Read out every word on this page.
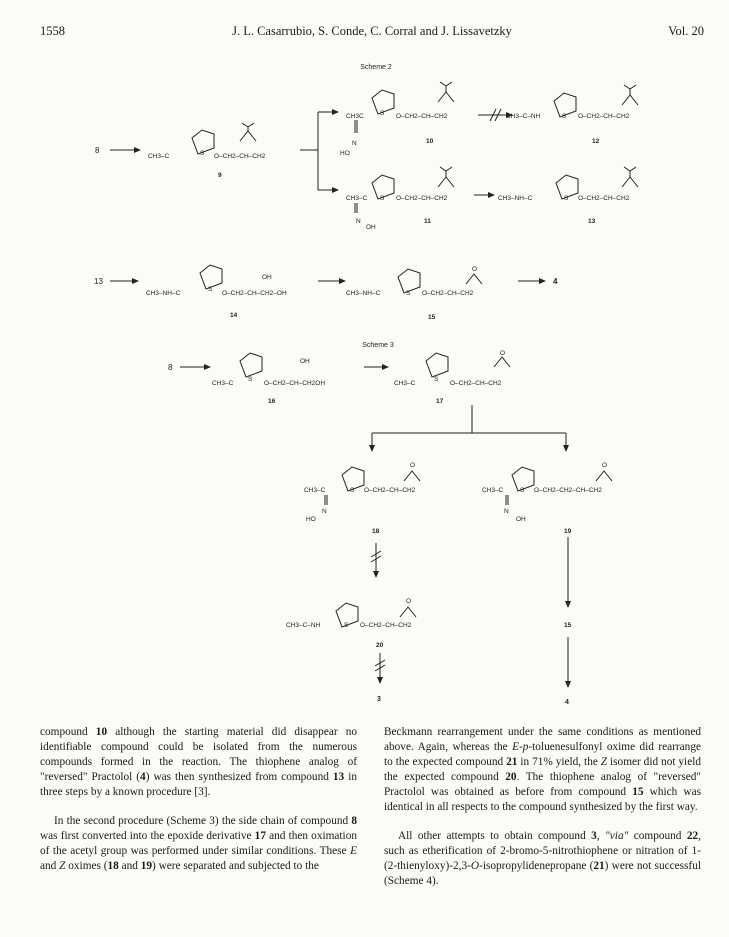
1558	J. L. Casarrubio, S. Conde, C. Corral and J. Lissavetzky	Vol. 20
Scheme 2
8
CH3–C	S O–CH2–CH–CH2
9
CH3C
N
HO
S O–CH2–CH–CH2
10
CH3–C–NH	S O–CH2–CH–CH2
12
CH3–C
N
OH
S O–CH2–CH–CH2
11
CH3–NH–C	S O–CH2–CH–CH2
13
13
CH3–NH–C
S
O–CH2–CH–CH2–OH
OH
14
CH3–NH–C	S O–CH2–CH–CH2
O
15
4
Scheme 3
8
CH3–C
S
O–CH2–CH–CH2OH
OH
16
CH3–C
S
O–CH2–CH–CH2
O
17
CH3–C
N
HO
S O–CH2–CH–CH2
O
18
CH3–C
N
OH
S O–CH2–CH2–CH–CH2
O
19
CH3–C–NH	S O–CH2–CH–CH2
O
20
15
3	4

compound 10 although the starting material did disappear no identifiable compound could be isolated from the numerous compounds formed in the reaction. The thiophene analog of "reversed" Practolol (4) was then synthesized from compound 13 in three steps by a known procedure [3].

In the second procedure (Scheme 3) the side chain of compound 8 was first converted into the epoxide derivative 17 and then oximation of the acetyl group was performed under similar conditions. These E and Z oximes (18 and 19) were separated and subjected to the

Beckmann rearrangement under the same conditions as mentioned above. Again, whereas the E-p-toluenesulfonyl oxime did rearrange to the expected compound 21 in 71% yield, the Z isomer did not yield the expected compound 20. The thiophene analog of "reversed" Practolol was obtained as before from compound 15 which was identical in all respects to the compound synthesized by the first way.

All other attempts to obtain compound 3, "via" compound 22, such as etherification of 2-bromo-5-nitrothiophene or nitration of 1-(2-thienyloxy)-2,3-O-isopropylidenepropane (21) were not successful (Scheme 4).
